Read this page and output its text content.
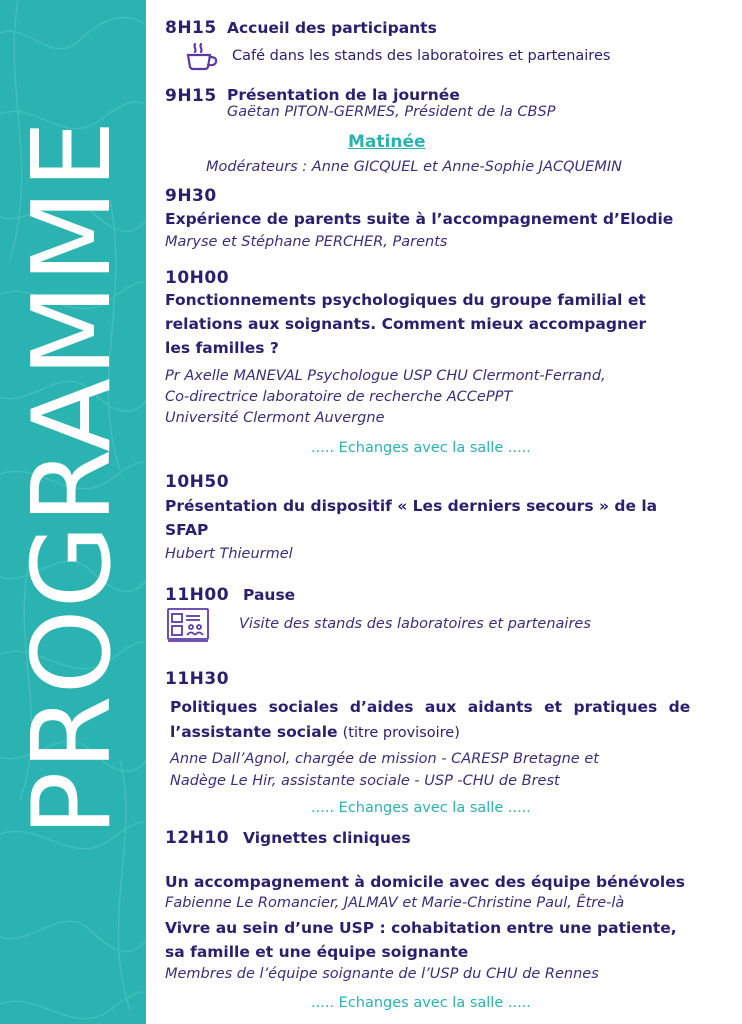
PROGRAMME
8H15 Accueil des participants
Café dans les stands des laboratoires et partenaires
9H15 Présentation de la journée
Gaëtan PITON-GERMES, Président de la CBSP
Matinée
Modérateurs : Anne GICQUEL et Anne-Sophie JACQUEMIN
9H30
Expérience de parents suite à l’accompagnement d’Elodie
Maryse et Stéphane PERCHER, Parents
10H00
Fonctionnements psychologiques du groupe familial et
relations aux soignants. Comment mieux accompagner
les familles ?
Pr Axelle MANEVAL Psychologue USP CHU Clermont-Ferrand,
Co-directrice laboratoire de recherche ACCePPT
Université Clermont Auvergne
..... Echanges avec la salle .....
10H50
Présentation du dispositif « Les derniers secours » de la
SFAP
Hubert Thieurmel
11H00 Pause
Visite des stands des laboratoires et partenaires
11H30
Politiques sociales d’aides aux aidants et pratiques de
l’assistante sociale (titre provisoire)
Anne Dall’Agnol, chargée de mission - CARESP Bretagne et
Nadège Le Hir, assistante sociale - USP -CHU de Brest
..... Echanges avec la salle .....
12H10 Vignettes cliniques
Un accompagnement à domicile avec des équipe bénévoles
Fabienne Le Romancier, JALMAV et Marie-Christine Paul, Être-là
Vivre au sein d’une USP : cohabitation entre une patiente,
sa famille et une équipe soignante
Membres de l’équipe soignante de l’USP du CHU de Rennes
..... Echanges avec la salle .....
